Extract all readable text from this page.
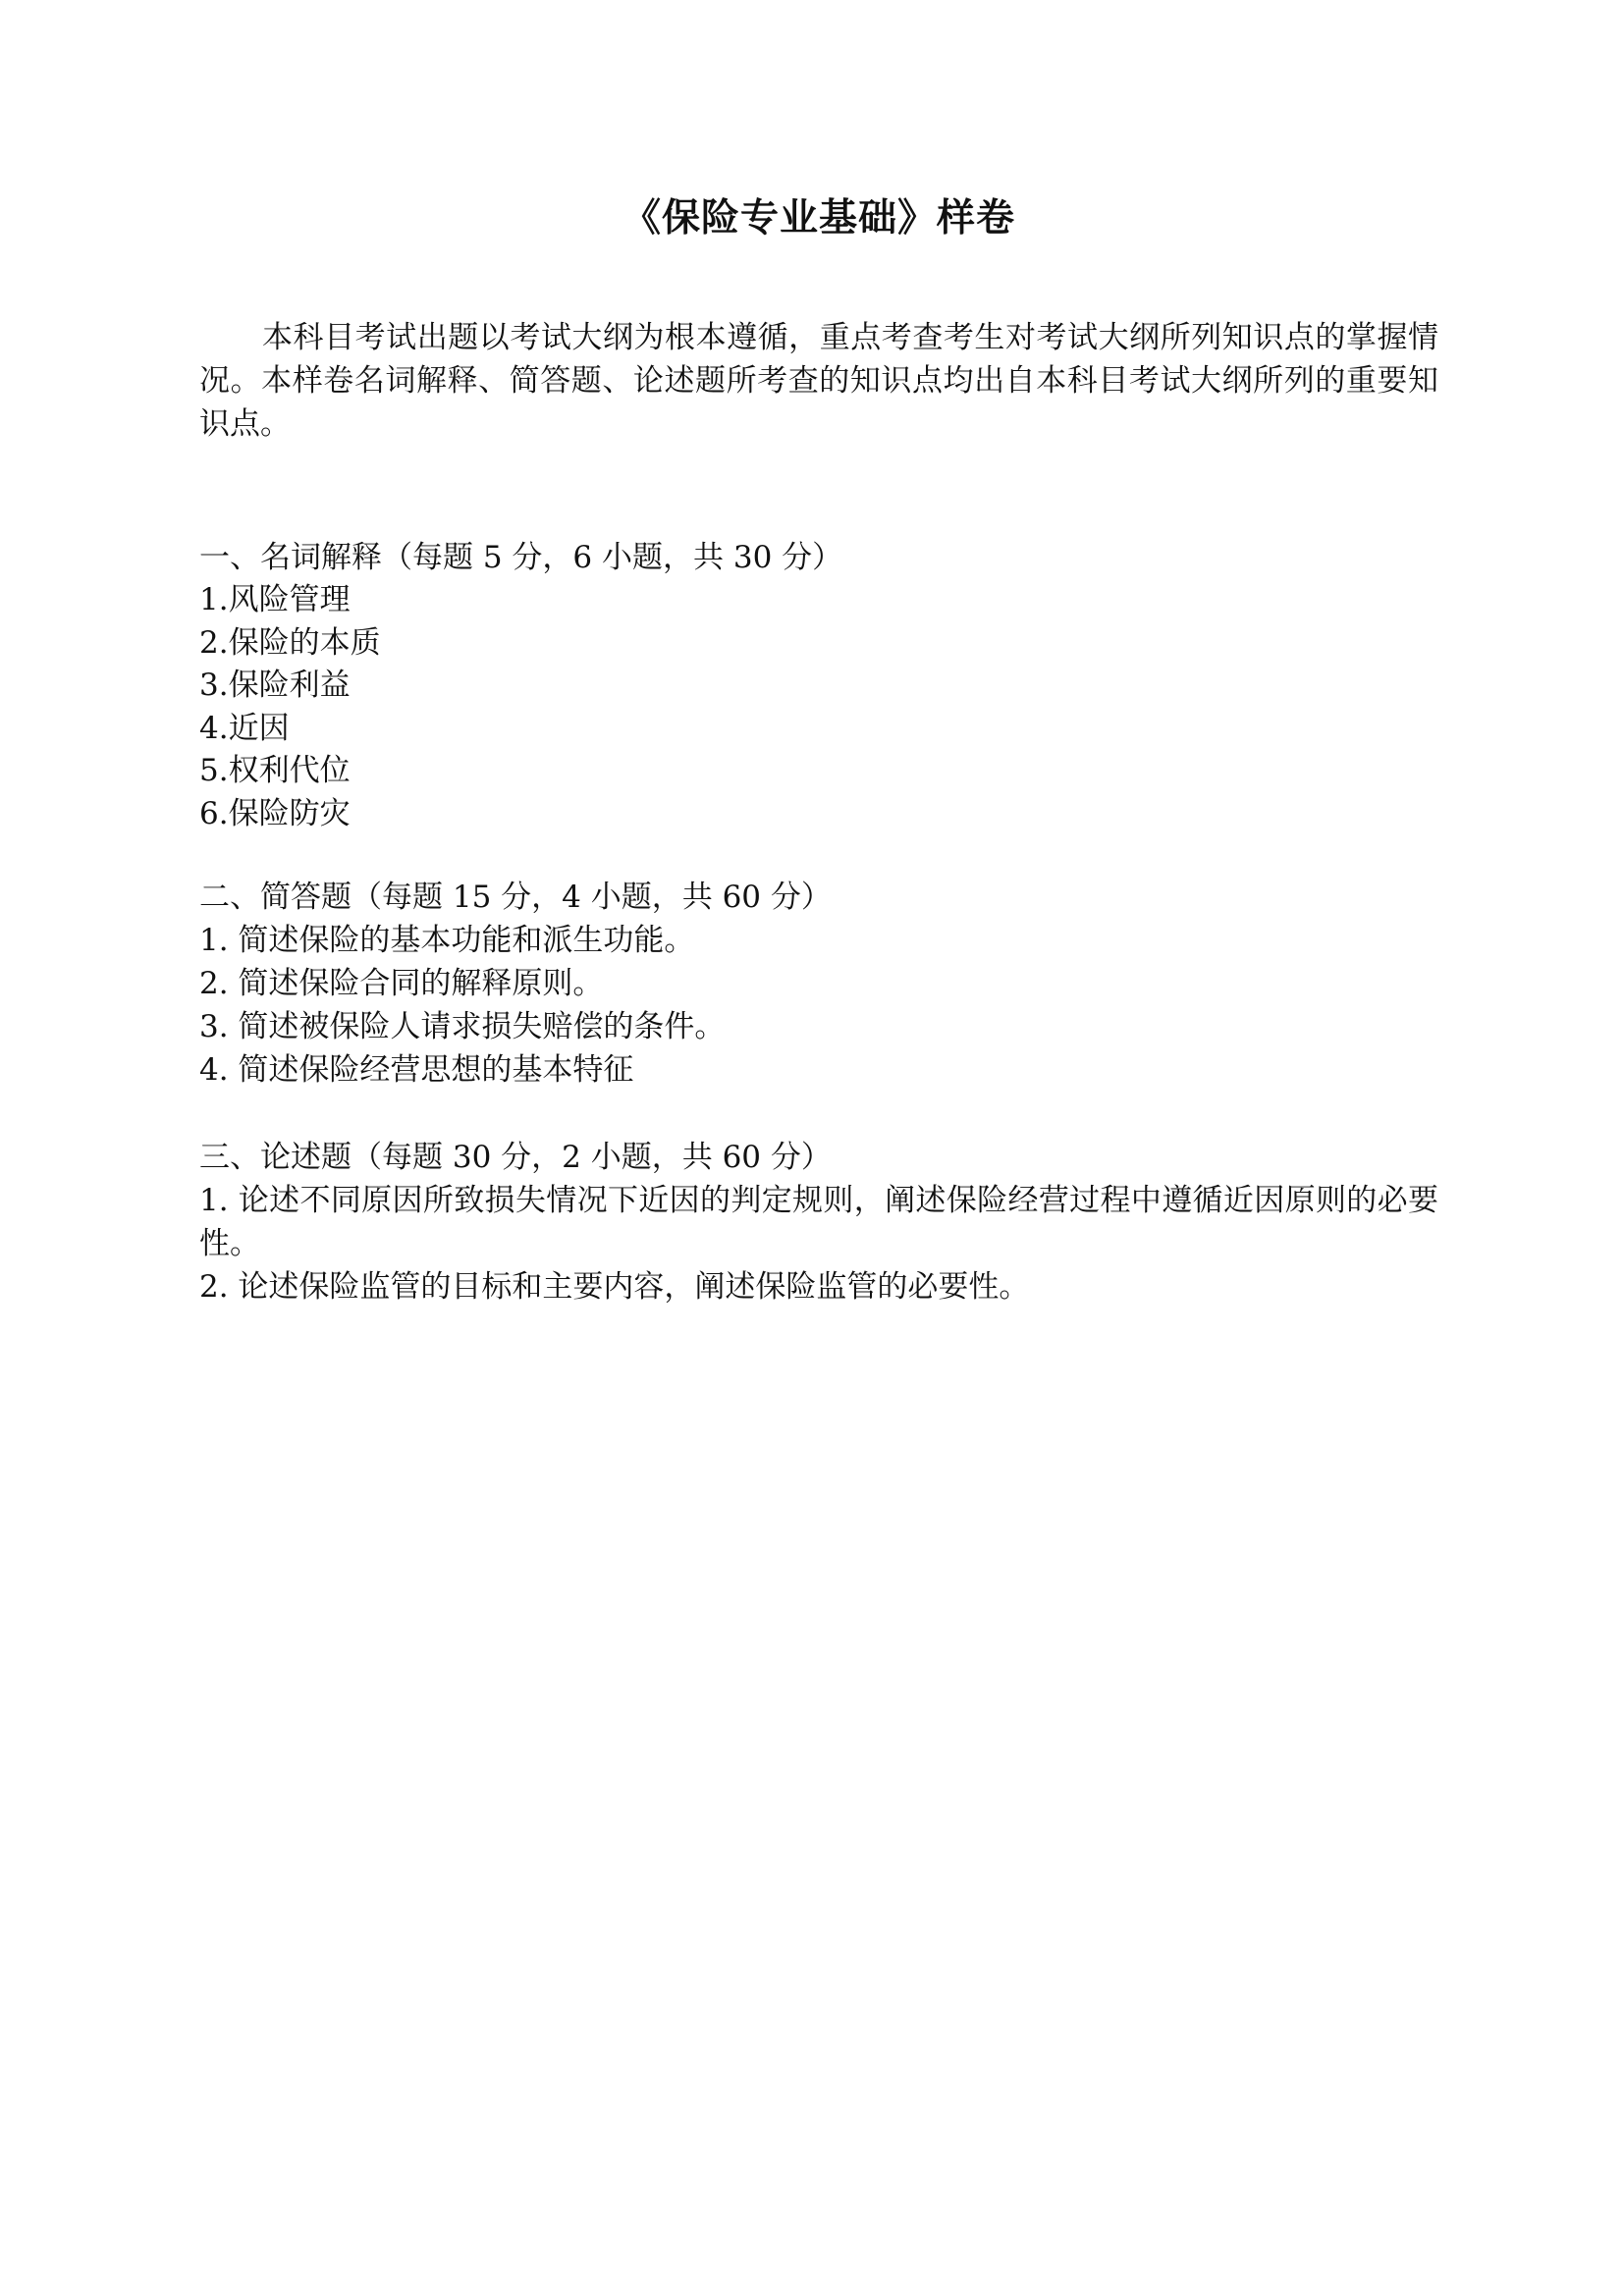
《保险专业基础》样卷

本科目考试出题以考试大纲为根本遵循，重点考查考生对考试大纲所列知识点的掌握情况。本样卷名词解释、简答题、论述题所考查的知识点均出自本科目考试大纲所列的重要知识点。

一、名词解释（每题 5 分，6 小题，共 30 分）

1.风险管理
2.保险的本质
3.保险利益
4.近因
5.权利代位
6.保险防灾

二、简答题（每题 15 分，4 小题，共 60 分）

1. 简述保险的基本功能和派生功能。
2. 简述保险合同的解释原则。
3. 简述被保险人请求损失赔偿的条件。
4. 简述保险经营思想的基本特征

三、论述题（每题 30 分，2 小题，共 60 分）

1. 论述不同原因所致损失情况下近因的判定规则，阐述保险经营过程中遵循近因原则的必要性。
2. 论述保险监管的目标和主要内容，阐述保险监管的必要性。
